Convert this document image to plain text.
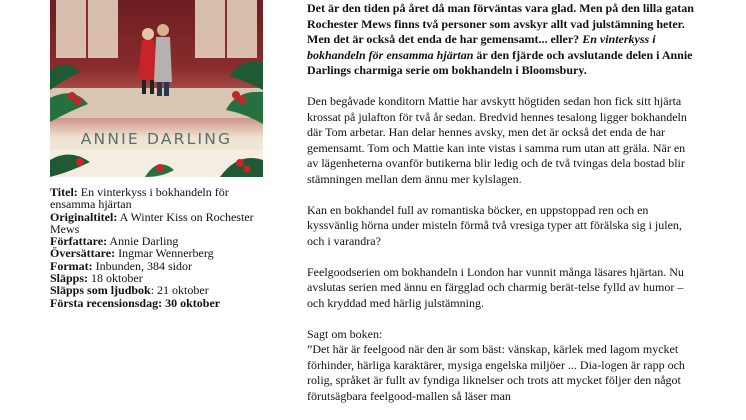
ANNIE DARLING
Titel: En vinterkyss i bokhandeln för ensamma hjärtan
Originaltitel: A Winter Kiss on Rochester Mews
Författare: Annie Darling
Översättare: Ingmar Wennerberg
Format: Inbunden, 384 sidor
Släpps: 18 oktober
Släpps som ljudbok: 21 oktober
Första recensionsdag: 30 oktober

Det är den tiden på året då man förväntas vara glad. Men på den lilla gatan Rochester Mews finns två personer som avskyr allt vad julstämning heter. Men det är också det enda de har gemensamt... eller? En vinterkyss i bokhandeln för ensamma hjärtan är den fjärde och avslutande delen i Annie Darlings charmiga serie om bokhandeln i Bloomsbury.

Den begåvade konditorn Mattie har avskytt högtiden sedan hon fick sitt hjärta krossat på julafton för två år sedan. Bredvid hennes tesalong ligger bokhandeln där Tom arbetar. Han delar hennes avsky, men det är också det enda de har gemensamt. Tom och Mattie kan inte vistas i samma rum utan att gräla. När en av lägenheterna ovanför butikerna blir ledig och de två tvingas dela bostad blir stämningen mellan dem ännu mer kylslagen.

Kan en bokhandel full av romantiska böcker, en uppstoppad ren och en kyssvänlig hörna under misteln förmå två vresiga typer att förälska sig i julen, och i varandra?

Feelgoodserien om bokhandeln i London har vunnit många läsares hjärtan. Nu avslutas serien med ännu en färgglad och charmig berät-telse fylld av humor – och kryddad med härlig julstämning.

Sagt om boken:
”Det här är feelgood när den är som bäst: vänskap, kärlek med lagom mycket förhinder, härliga karaktärer, mysiga engelska miljöer ... Dia-logen är rapp och rolig, språket är fullt av fyndiga liknelser och trots att mycket följer den något förutsägbara feelgood-mallen så läser man
